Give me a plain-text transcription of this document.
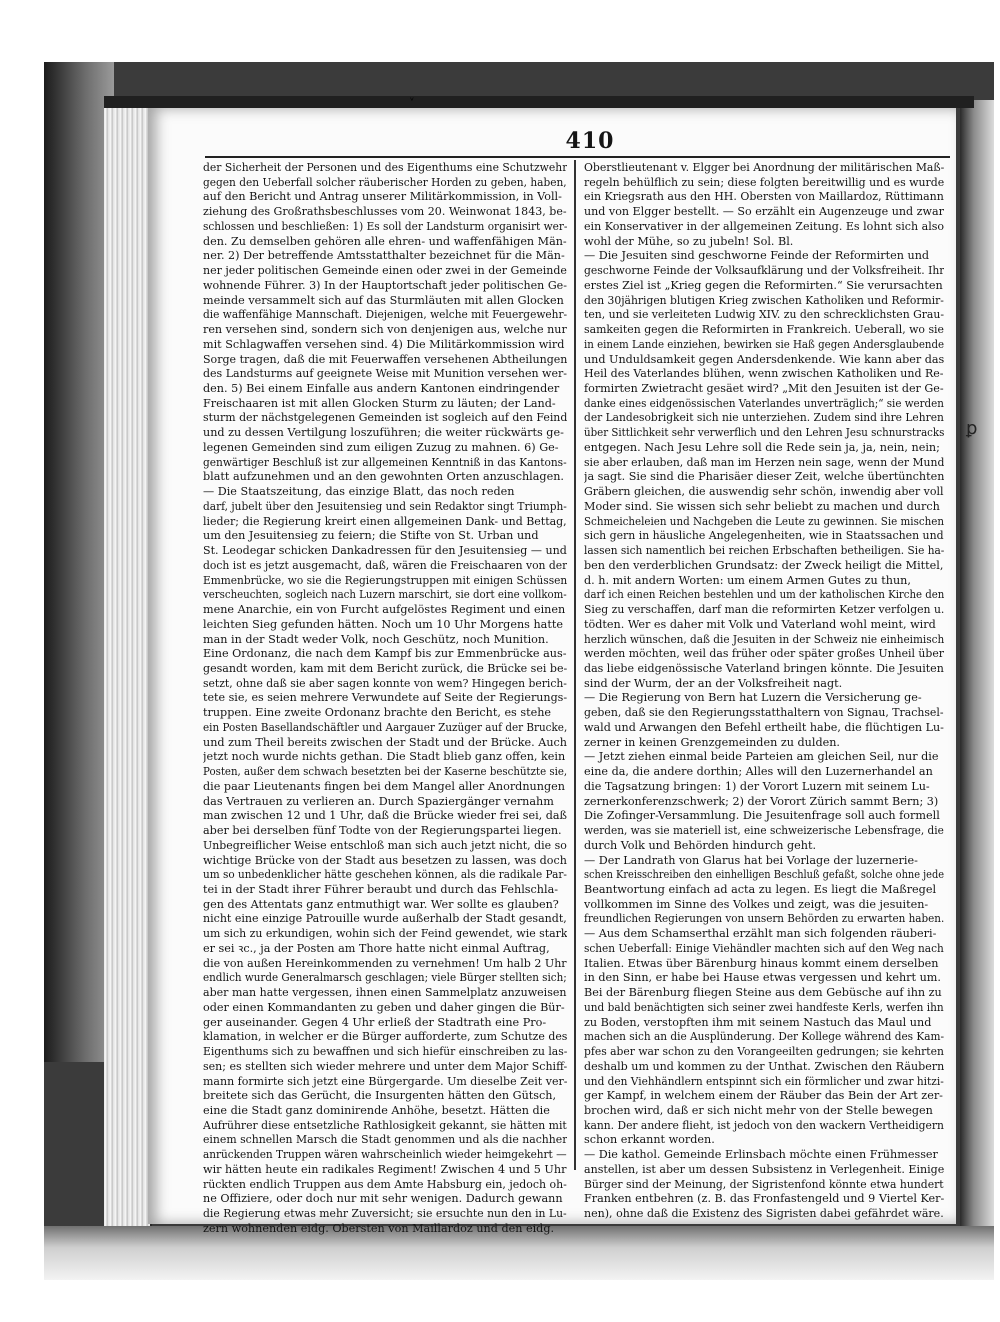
ᵛ
410
der Sicherheit der Personen und des Eigenthums eine Schutzwehr
gegen den Ueberfall solcher räuberischer Horden zu geben, haben,
auf den Bericht und Antrag unserer Militärkommission, in Voll-
ziehung des Großrathsbeschlusses vom 20. Weinwonat 1843, be-
schlossen und beschließen: 1) Es soll der Landsturm organisirt wer-
den. Zu demselben gehören alle ehren- und waffenfähigen Män-
ner. 2) Der betreffende Amtsstatthalter bezeichnet für die Män-
ner jeder politischen Gemeinde einen oder zwei in der Gemeinde
wohnende Führer. 3) In der Hauptortschaft jeder politischen Ge-
meinde versammelt sich auf das Sturmläuten mit allen Glocken
die waffenfähige Mannschaft. Diejenigen, welche mit Feuergewehr-
ren versehen sind, sondern sich von denjenigen aus, welche nur
mit Schlagwaffen versehen sind. 4) Die Militärkommission wird
Sorge tragen, daß die mit Feuerwaffen versehenen Abtheilungen
des Landsturms auf geeignete Weise mit Munition versehen wer-
den. 5) Bei einem Einfalle aus andern Kantonen eindringender
Freischaaren ist mit allen Glocken Sturm zu läuten; der Land-
sturm der nächstgelegenen Gemeinden ist sogleich auf den Feind
und zu dessen Vertilgung loszuführen; die weiter rückwärts ge-
legenen Gemeinden sind zum eiligen Zuzug zu mahnen. 6) Ge-
genwärtiger Beschluß ist zur allgemeinen Kenntniß in das Kantons-
blatt aufzunehmen und an den gewohnten Orten anzuschlagen.
— Die Staatszeitung, das einzige Blatt, das noch reden
darf, jubelt über den Jesuitensieg und sein Redaktor singt Triumph-
lieder; die Regierung kreirt einen allgemeinen Dank- und Bettag,
um den Jesuitensieg zu feiern; die Stifte von St. Urban und
St. Leodegar schicken Dankadressen für den Jesuitensieg — und
doch ist es jetzt ausgemacht, daß, wären die Freischaaren von der
Emmenbrücke, wo sie die Regierungstruppen mit einigen Schüssen
verscheuchten, sogleich nach Luzern marschirt, sie dort eine vollkom-
mene Anarchie, ein von Furcht aufgelöstes Regiment und einen
leichten Sieg gefunden hätten. Noch um 10 Uhr Morgens hatte
man in der Stadt weder Volk, noch Geschütz, noch Munition.
Eine Ordonanz, die nach dem Kampf bis zur Emmenbrücke aus-
gesandt worden, kam mit dem Bericht zurück, die Brücke sei be-
setzt, ohne daß sie aber sagen konnte von wem? Hingegen berich-
tete sie, es seien mehrere Verwundete auf Seite der Regierungs-
truppen. Eine zweite Ordonanz brachte den Bericht, es stehe
ein Posten Basellandschäftler und Aargauer Zuzüger auf der Brucke,
und zum Theil bereits zwischen der Stadt und der Brücke. Auch
jetzt noch wurde nichts gethan. Die Stadt blieb ganz offen, kein
Posten, außer dem schwach besetzten bei der Kaserne beschützte sie,
die paar Lieutenants fingen bei dem Mangel aller Anordnungen
das Vertrauen zu verlieren an. Durch Spaziergänger vernahm
man zwischen 12 und 1 Uhr, daß die Brücke wieder frei sei, daß
aber bei derselben fünf Todte von der Regierungspartei liegen.
Unbegreiflicher Weise entschloß man sich auch jetzt nicht, die so
wichtige Brücke von der Stadt aus besetzen zu lassen, was doch
um so unbedenklicher hätte geschehen können, als die radikale Par-
tei in der Stadt ihrer Führer beraubt und durch das Fehlschla-
gen des Attentats ganz entmuthigt war. Wer sollte es glauben?
nicht eine einzige Patrouille wurde außerhalb der Stadt gesandt,
um sich zu erkundigen, wohin sich der Feind gewendet, wie stark
er sei ꝛc., ja der Posten am Thore hatte nicht einmal Auftrag,
die von außen Hereinkommenden zu vernehmen! Um halb 2 Uhr
endlich wurde Generalmarsch geschlagen; viele Bürger stellten sich;
aber man hatte vergessen, ihnen einen Sammelplatz anzuweisen
oder einen Kommandanten zu geben und daher gingen die Bür-
ger auseinander. Gegen 4 Uhr erließ der Stadtrath eine Pro-
klamation, in welcher er die Bürger aufforderte, zum Schutze des
Eigenthums sich zu bewaffnen und sich hiefür einschreiben zu las-
sen; es stellten sich wieder mehrere und unter dem Major Schiff-
mann formirte sich jetzt eine Bürgergarde. Um dieselbe Zeit ver-
breitete sich das Gerücht, die Insurgenten hätten den Gütsch,
eine die Stadt ganz dominirende Anhöhe, besetzt. Hätten die
Aufrührer diese entsetzliche Rathlosigkeit gekannt, sie hätten mit
einem schnellen Marsch die Stadt genommen und als die nachher
anrückenden Truppen wären wahrscheinlich wieder heimgekehrt —
wir hätten heute ein radikales Regiment! Zwischen 4 und 5 Uhr
rückten endlich Truppen aus dem Amte Habsburg ein, jedoch oh-
ne Offiziere, oder doch nur mit sehr wenigen. Dadurch gewann
die Regierung etwas mehr Zuversicht; sie ersuchte nun den in Lu-
zern wohnenden eidg. Obersten von Maillardoz und den eidg.
Oberstlieutenant v. Elgger bei Anordnung der militärischen Maß-
regeln behülflich zu sein; diese folgten bereitwillig und es wurde
ein Kriegsrath aus den HH. Obersten von Maillardoz, Rüttimann
und von Elgger bestellt. — So erzählt ein Augenzeuge und zwar
ein Konservativer in der allgemeinen Zeitung. Es lohnt sich also
wohl der Mühe, so zu jubeln! Sol. Bl.
— Die Jesuiten sind geschworne Feinde der Reformirten und
geschworne Feinde der Volksaufklärung und der Volksfreiheit. Ihr
erstes Ziel ist „Krieg gegen die Reformirten.“ Sie verursachten
den 30jährigen blutigen Krieg zwischen Katholiken und Reformir-
ten, und sie verleiteten Ludwig XIV. zu den schrecklichsten Grau-
samkeiten gegen die Reformirten in Frankreich. Ueberall, wo sie
in einem Lande einziehen, bewirken sie Haß gegen Andersglaubende
und Unduldsamkeit gegen Andersdenkende. Wie kann aber das
Heil des Vaterlandes blühen, wenn zwischen Katholiken und Re-
formirten Zwietracht gesäet wird? „Mit den Jesuiten ist der Ge-
danke eines eidgenössischen Vaterlandes unverträglich;“ sie werden
der Landesobrigkeit sich nie unterziehen. Zudem sind ihre Lehren
über Sittlichkeit sehr verwerflich und den Lehren Jesu schnurstracks
entgegen. Nach Jesu Lehre soll die Rede sein ja, ja, nein, nein;
sie aber erlauben, daß man im Herzen nein sage, wenn der Mund
ja sagt. Sie sind die Pharisäer dieser Zeit, welche übertünchten
Gräbern gleichen, die auswendig sehr schön, inwendig aber voll
Moder sind. Sie wissen sich sehr beliebt zu machen und durch
Schmeicheleien und Nachgeben die Leute zu gewinnen. Sie mischen
sich gern in häusliche Angelegenheiten, wie in Staatssachen und
lassen sich namentlich bei reichen Erbschaften betheiligen. Sie ha-
ben den verderblichen Grundsatz: der Zweck heiligt die Mittel,
d. h. mit andern Worten: um einem Armen Gutes zu thun,
darf ich einen Reichen bestehlen und um der katholischen Kirche den
Sieg zu verschaffen, darf man die reformirten Ketzer verfolgen u.
tödten. Wer es daher mit Volk und Vaterland wohl meint, wird
herzlich wünschen, daß die Jesuiten in der Schweiz nie einheimisch
werden möchten, weil das früher oder später großes Unheil über
das liebe eidgenössische Vaterland bringen könnte. Die Jesuiten
sind der Wurm, der an der Volksfreiheit nagt.
— Die Regierung von Bern hat Luzern die Versicherung ge-
geben, daß sie den Regierungsstatthaltern von Signau, Trachsel-
wald und Arwangen den Befehl ertheilt habe, die flüchtigen Lu-
zerner in keinen Grenzgemeinden zu dulden.
— Jetzt ziehen einmal beide Parteien am gleichen Seil, nur die
eine da, die andere dorthin; Alles will den Luzernerhandel an
die Tagsatzung bringen: 1) der Vorort Luzern mit seinem Lu-
zernerkonferenzschwerk; 2) der Vorort Zürich sammt Bern; 3)
Die Zofinger-Versammlung. Die Jesuitenfrage soll auch formell
werden, was sie materiell ist, eine schweizerische Lebensfrage, die
durch Volk und Behörden hindurch geht.
— Der Landrath von Glarus hat bei Vorlage der luzernerie-
schen Kreisschreiben den einhelligen Beschluß gefaßt, solche ohne jede
Beantwortung einfach ad acta zu legen. Es liegt die Maßregel
vollkommen im Sinne des Volkes und zeigt, was die jesuiten-
freundlichen Regierungen von unsern Behörden zu erwarten haben.
— Aus dem Schamserthal erzählt man sich folgenden räuberi-
schen Ueberfall: Einige Viehändler machten sich auf den Weg nach
Italien. Etwas über Bärenburg hinaus kommt einem derselben
in den Sinn, er habe bei Hause etwas vergessen und kehrt um.
Bei der Bärenburg fliegen Steine aus dem Gebüsche auf ihn zu
und bald benächtigten sich seiner zwei handfeste Kerls, werfen ihn
zu Boden, verstopften ihm mit seinem Nastuch das Maul und
machen sich an die Ausplünderung. Der Kollege während des Kam-
pfes aber war schon zu den Vorangeeilten gedrungen; sie kehrten
deshalb um und kommen zu der Unthat. Zwischen den Räubern
und den Viehhändlern entspinnt sich ein förmlicher und zwar hitzi-
ger Kampf, in welchem einem der Räuber das Bein der Art zer-
brochen wird, daß er sich nicht mehr von der Stelle bewegen
kann. Der andere flieht, ist jedoch von den wackern Vertheidigern
schon erkannt worden.
— Die kathol. Gemeinde Erlinsbach möchte einen Frühmesser
anstellen, ist aber um dessen Subsistenz in Verlegenheit. Einige
Bürger sind der Meinung, der Sigristenfond könnte etwa hundert
Franken entbehren (z. B. das Fronfastengeld und 9 Viertel Ker-
nen), ohne daß die Existenz des Sigristen dabei gefährdet wäre.
ꝑ
